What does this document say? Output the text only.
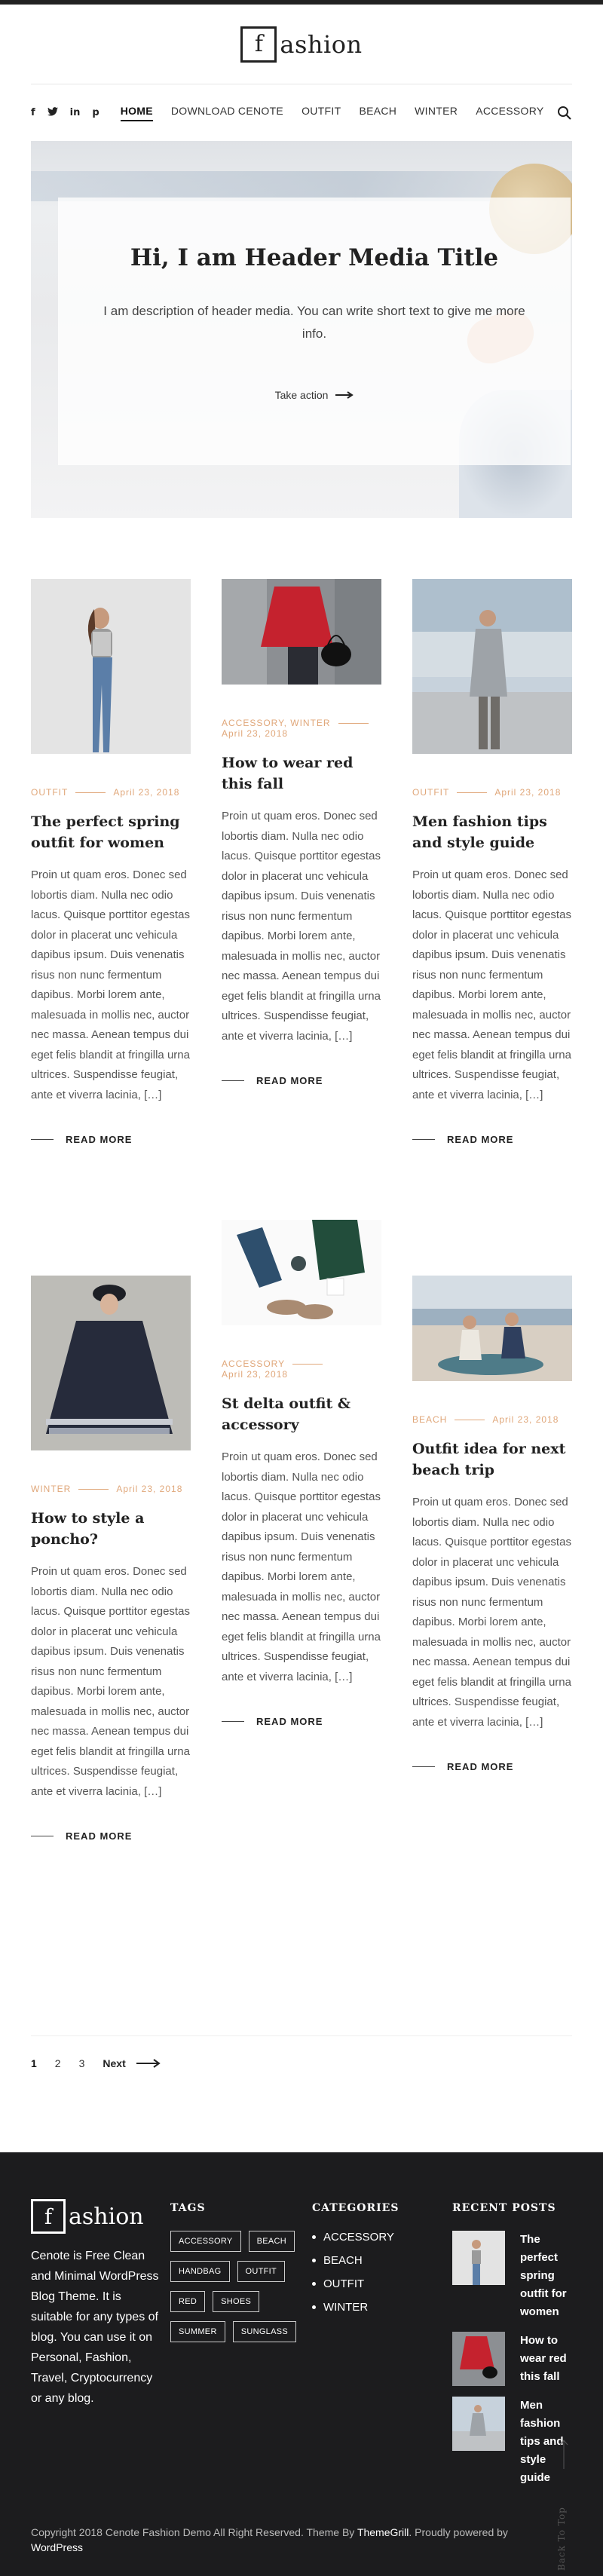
f ashion
f	in p HOME DOWNLOAD CENOTE OUTFIT BEACH WINTER ACCESSORY
Hi, I am Header Media Title

I am description of header media. You can write short text to give me more info.

Take action
OUTFIT	April 23, 2018
The perfect spring outfit for women

Proin ut quam eros. Donec sed lobortis diam. Nulla nec odio lacus. Quisque porttitor egestas dolor in placerat unc vehicula dapibus ipsum. Duis venenatis risus non nunc fermentum dapibus. Morbi lorem ante, malesuada in mollis nec, auctor nec massa. Aenean tempus dui eget felis blandit at fringilla urna ultrices. Suspendisse feugiat, ante et viverra lacinia, […]

READ MORE
ACCESSORY, WINTER
April 23, 2018
How to wear red this fall

Proin ut quam eros. Donec sed lobortis diam. Nulla nec odio lacus. Quisque porttitor egestas dolor in placerat unc vehicula dapibus ipsum. Duis venenatis risus non nunc fermentum dapibus. Morbi lorem ante, malesuada in mollis nec, auctor nec massa. Aenean tempus dui eget felis blandit at fringilla urna ultrices. Suspendisse feugiat, ante et viverra lacinia, […]

READ MORE
OUTFIT	April 23, 2018
Men fashion tips and style guide

Proin ut quam eros. Donec sed lobortis diam. Nulla nec odio lacus. Quisque porttitor egestas dolor in placerat unc vehicula dapibus ipsum. Duis venenatis risus non nunc fermentum dapibus. Morbi lorem ante, malesuada in mollis nec, auctor nec massa. Aenean tempus dui eget felis blandit at fringilla urna ultrices. Suspendisse feugiat, ante et viverra lacinia, […]

READ MORE
WINTER	April 23, 2018
How to style a poncho?

Proin ut quam eros. Donec sed lobortis diam. Nulla nec odio lacus. Quisque porttitor egestas dolor in placerat unc vehicula dapibus ipsum. Duis venenatis risus non nunc fermentum dapibus. Morbi lorem ante, malesuada in mollis nec, auctor nec massa. Aenean tempus dui eget felis blandit at fringilla urna ultrices. Suspendisse feugiat, ante et viverra lacinia, […]

READ MORE
ACCESSORY
April 23, 2018
St delta outfit & accessory

Proin ut quam eros. Donec sed lobortis diam. Nulla nec odio lacus. Quisque porttitor egestas dolor in placerat unc vehicula dapibus ipsum. Duis venenatis risus non nunc fermentum dapibus. Morbi lorem ante, malesuada in mollis nec, auctor nec massa. Aenean tempus dui eget felis blandit at fringilla urna ultrices. Suspendisse feugiat, ante et viverra lacinia, […]

READ MORE
BEACH	April 23, 2018
Outfit idea for next beach trip

Proin ut quam eros. Donec sed lobortis diam. Nulla nec odio lacus. Quisque porttitor egestas dolor in placerat unc vehicula dapibus ipsum. Duis venenatis risus non nunc fermentum dapibus. Morbi lorem ante, malesuada in mollis nec, auctor nec massa. Aenean tempus dui eget felis blandit at fringilla urna ultrices. Suspendisse feugiat, ante et viverra lacinia, […]

READ MORE
1 2 3 Next
f ashion

Cenote is Free Clean and Minimal WordPress Blog Theme. It is suitable for any types of blog. You can use it on Personal, Fashion, Travel, Cryptocurrency or any blog.

TAGS
ACCESSORY	BEACH
HANDBAG	OUTFIT
RED	SHOES
SUMMER	SUNGLASS
CATEGORIES
ACCESSORY
BEACH
OUTFIT
WINTER
RECENT POSTS
The perfect spring outfit for women
How to wear red this fall
Men fashion tips and style guide
Back To Top

Copyright 2018 Cenote Fashion Demo All Right Reserved. Theme By ThemeGrill. Proudly powered by WordPress
